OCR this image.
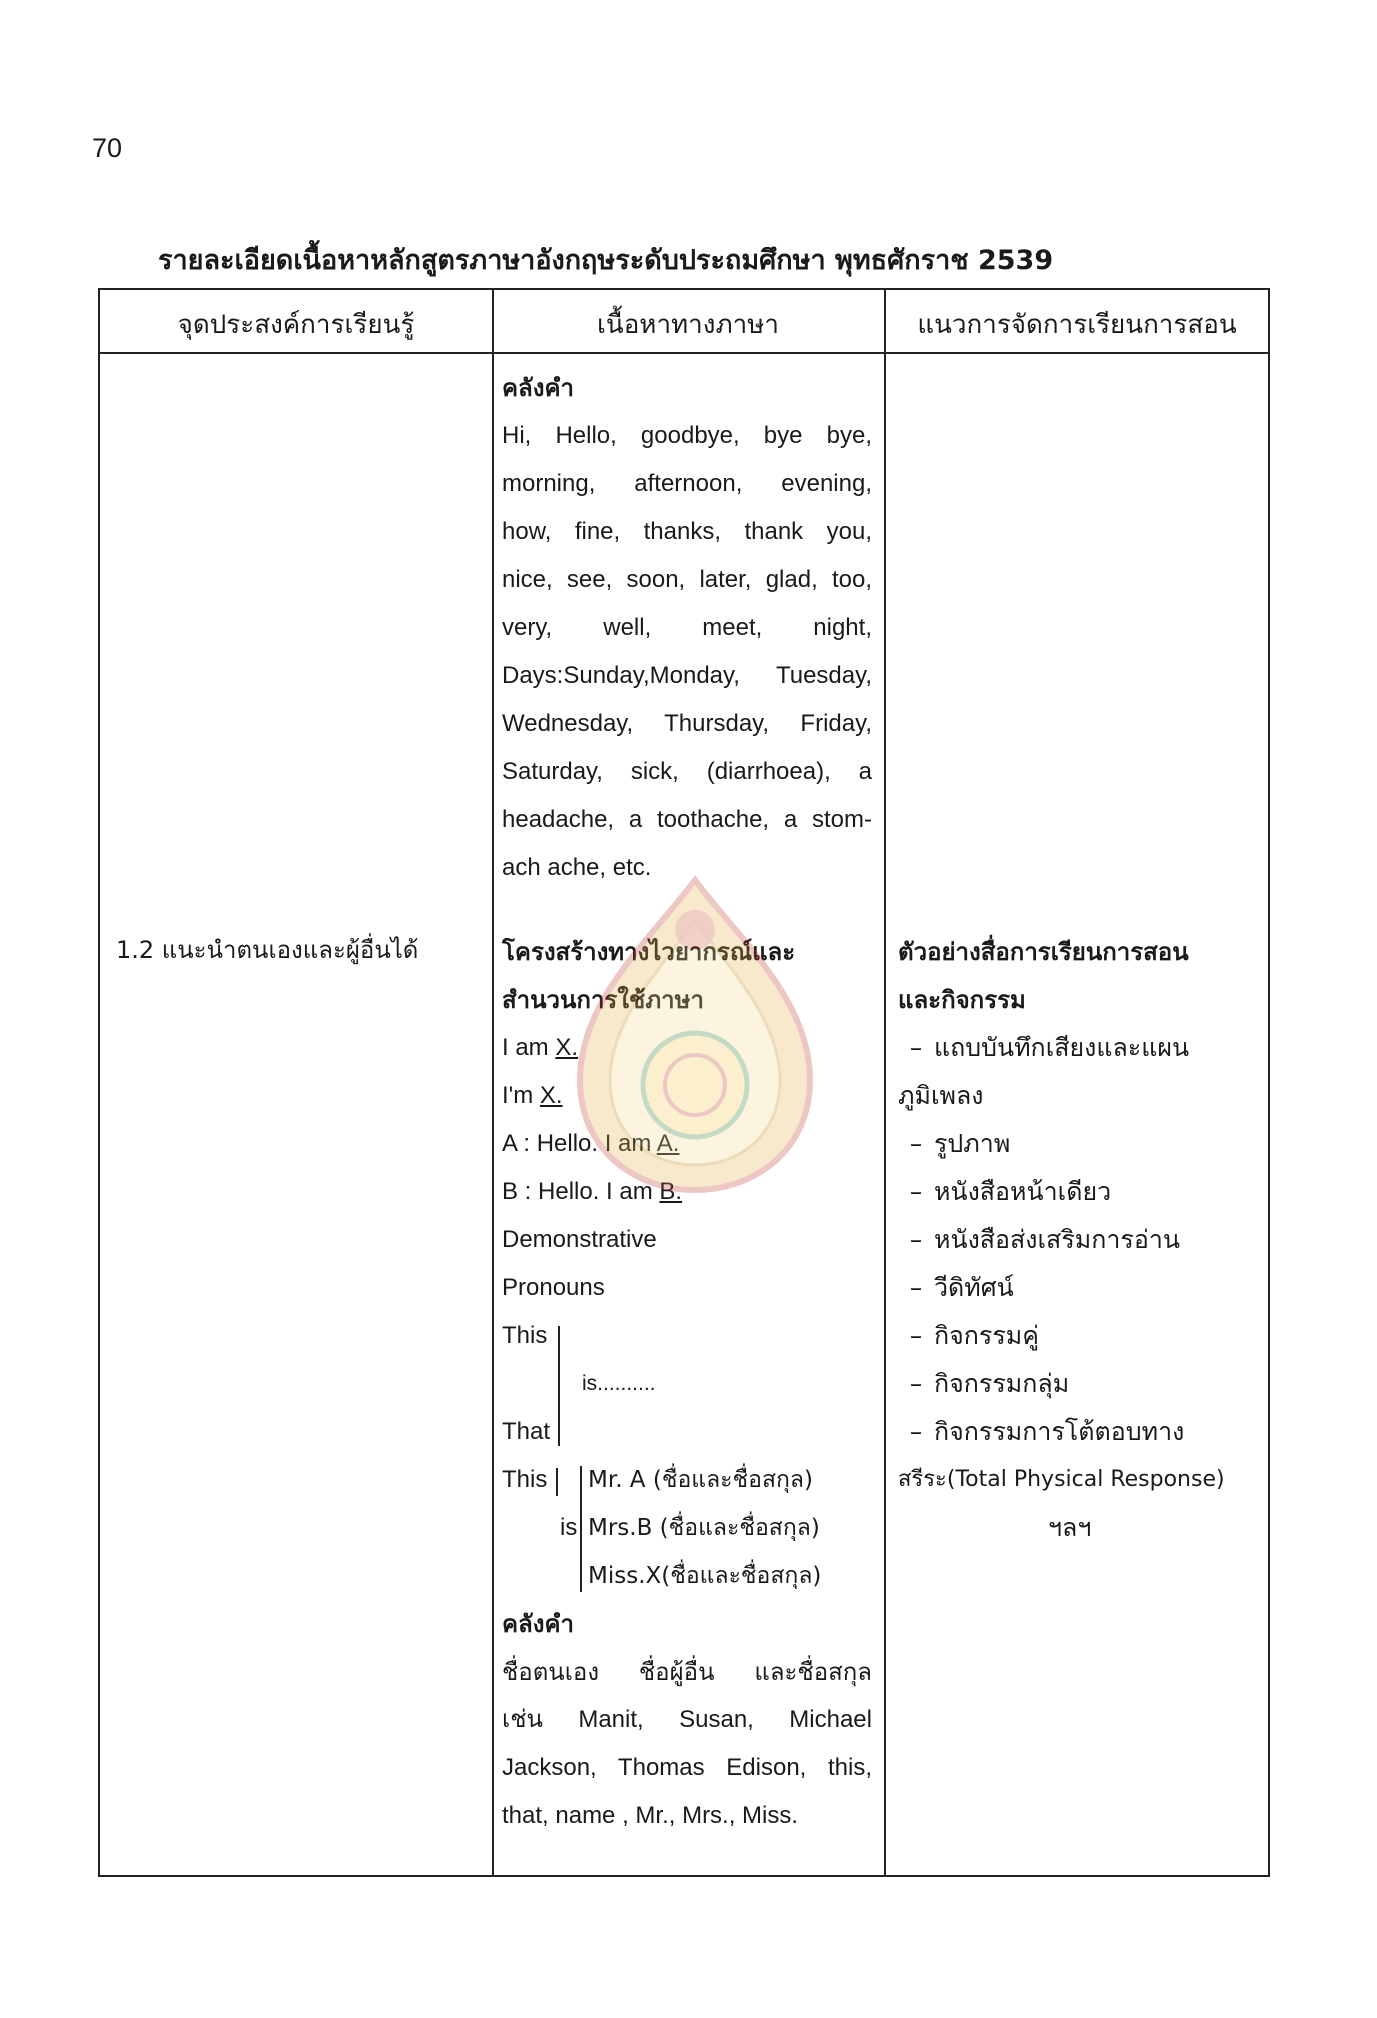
70
รายละเอียดเนื้อหาหลักสูตรภาษาอังกฤษระดับประถมศึกษา พุทธศักราช 2539
จุดประสงค์การเรียนรู้	เนื้อหาทางภาษา	แนวการจัดการเรียนการสอน
1.2 แนะนำตนเองและผู้อื่นได้
คลังคำ
Hi, Hello, goodbye, bye bye,
morning, afternoon, evening,
how, fine, thanks, thank you,
nice, see, soon, later, glad, too,
very, well, meet, night,
Days:Sunday,Monday, Tuesday,
Wednesday, Thursday, Friday,
Saturday, sick, (diarrhoea), a
headache, a toothache, a stom-
ach ache, etc.
โครงสร้างทางไวยากรณ์และ
สำนวนการใช้ภาษา
I am X.
I'm X.
A : Hello. I am A.
B : Hello. I am B.
Demonstrative
Pronouns
This
That
is..........
This
is
Mr. A (ชื่อและชื่อสกุล)
Mrs.B (ชื่อและชื่อสกุล)
Miss.X(ชื่อและชื่อสกุล)
คลังคำ
ชื่อตนเอง ชื่อผู้อื่น และชื่อสกุล
เช่น Manit, Susan, Michael
Jackson, Thomas Edison, this,
that, name , Mr., Mrs., Miss.
ตัวอย่างสื่อการเรียนการสอน
และกิจกรรม
– แถบบันทึกเสียงและแผน
ภูมิเพลง
– รูปภาพ
– หนังสือหน้าเดียว
– หนังสือส่งเสริมการอ่าน
– วีดิทัศน์
– กิจกรรมคู่
– กิจกรรมกลุ่ม
– กิจกรรมการโต้ตอบทาง
สรีระ(Total Physical Response)
ฯลฯ
